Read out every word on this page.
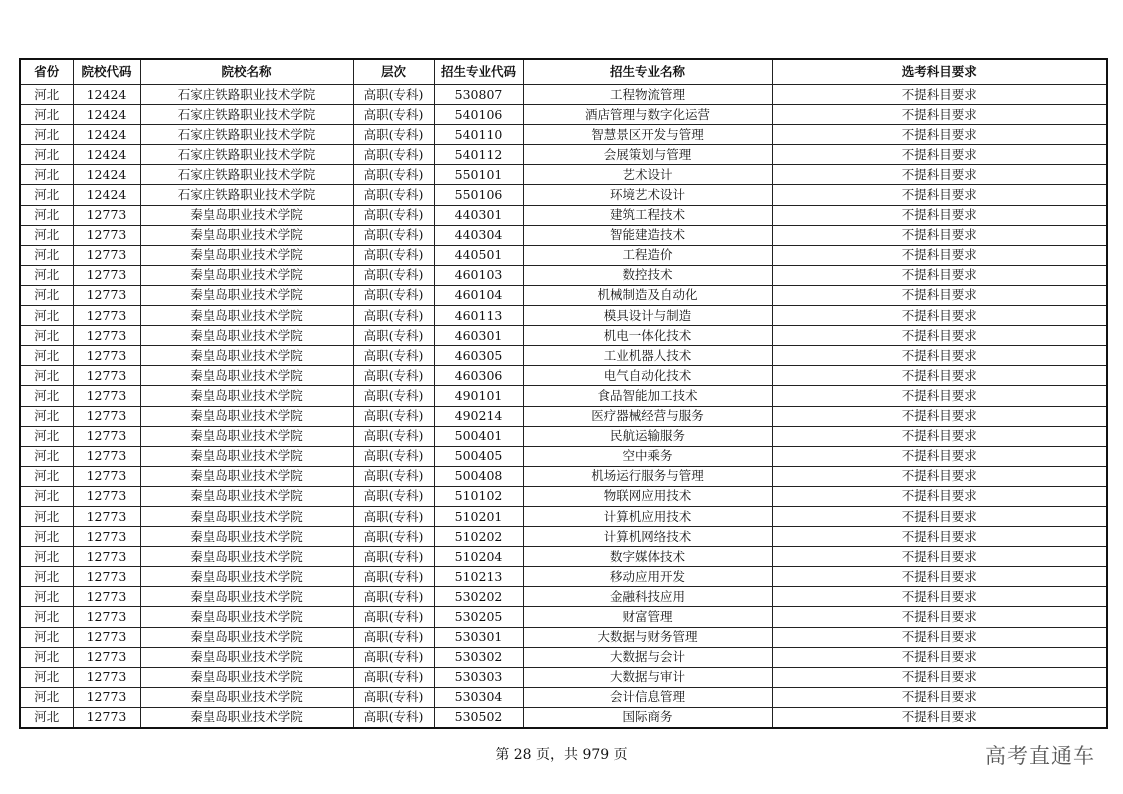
省份	院校代码	院校名称	层次	招生专业代码	招生专业名称	选考科目要求
河北	12424	石家庄铁路职业技术学院	高职(专科)	530807	工程物流管理	不提科目要求
河北	12424	石家庄铁路职业技术学院	高职(专科)	540106	酒店管理与数字化运营	不提科目要求
河北	12424	石家庄铁路职业技术学院	高职(专科)	540110	智慧景区开发与管理	不提科目要求
河北	12424	石家庄铁路职业技术学院	高职(专科)	540112	会展策划与管理	不提科目要求
河北	12424	石家庄铁路职业技术学院	高职(专科)	550101	艺术设计	不提科目要求
河北	12424	石家庄铁路职业技术学院	高职(专科)	550106	环境艺术设计	不提科目要求
河北	12773	秦皇岛职业技术学院	高职(专科)	440301	建筑工程技术	不提科目要求
河北	12773	秦皇岛职业技术学院	高职(专科)	440304	智能建造技术	不提科目要求
河北	12773	秦皇岛职业技术学院	高职(专科)	440501	工程造价	不提科目要求
河北	12773	秦皇岛职业技术学院	高职(专科)	460103	数控技术	不提科目要求
河北	12773	秦皇岛职业技术学院	高职(专科)	460104	机械制造及自动化	不提科目要求
河北	12773	秦皇岛职业技术学院	高职(专科)	460113	模具设计与制造	不提科目要求
河北	12773	秦皇岛职业技术学院	高职(专科)	460301	机电一体化技术	不提科目要求
河北	12773	秦皇岛职业技术学院	高职(专科)	460305	工业机器人技术	不提科目要求
河北	12773	秦皇岛职业技术学院	高职(专科)	460306	电气自动化技术	不提科目要求
河北	12773	秦皇岛职业技术学院	高职(专科)	490101	食品智能加工技术	不提科目要求
河北	12773	秦皇岛职业技术学院	高职(专科)	490214	医疗器械经营与服务	不提科目要求
河北	12773	秦皇岛职业技术学院	高职(专科)	500401	民航运输服务	不提科目要求
河北	12773	秦皇岛职业技术学院	高职(专科)	500405	空中乘务	不提科目要求
河北	12773	秦皇岛职业技术学院	高职(专科)	500408	机场运行服务与管理	不提科目要求
河北	12773	秦皇岛职业技术学院	高职(专科)	510102	物联网应用技术	不提科目要求
河北	12773	秦皇岛职业技术学院	高职(专科)	510201	计算机应用技术	不提科目要求
河北	12773	秦皇岛职业技术学院	高职(专科)	510202	计算机网络技术	不提科目要求
河北	12773	秦皇岛职业技术学院	高职(专科)	510204	数字媒体技术	不提科目要求
河北	12773	秦皇岛职业技术学院	高职(专科)	510213	移动应用开发	不提科目要求
河北	12773	秦皇岛职业技术学院	高职(专科)	530202	金融科技应用	不提科目要求
河北	12773	秦皇岛职业技术学院	高职(专科)	530205	财富管理	不提科目要求
河北	12773	秦皇岛职业技术学院	高职(专科)	530301	大数据与财务管理	不提科目要求
河北	12773	秦皇岛职业技术学院	高职(专科)	530302	大数据与会计	不提科目要求
河北	12773	秦皇岛职业技术学院	高职(专科)	530303	大数据与审计	不提科目要求
河北	12773	秦皇岛职业技术学院	高职(专科)	530304	会计信息管理	不提科目要求
河北	12773	秦皇岛职业技术学院	高职(专科)	530502	国际商务	不提科目要求
第 28 页，共 979 页	高考直通车
